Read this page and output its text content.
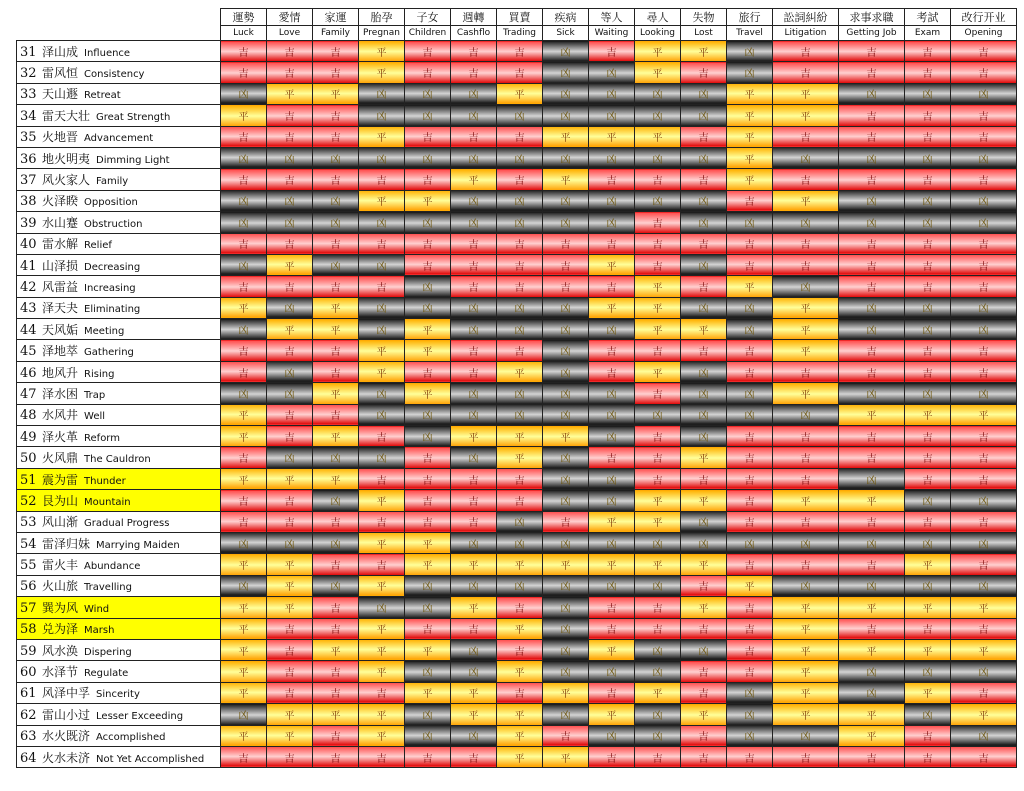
	運勢	愛情	家運	胎孕	子女	週轉	買賣	疾病	等人	尋人	失物	旅行	訟詞糾紛	求事求職	考試	改行开业
	Luck	Love	Family	Pregnan	Children	Cashflo	Trading	Sick	Waiting	Looking	Lost	Travel	Litigation	Getting Job	Exam	Opening
31 泽山成 Influence	吉	吉	吉	平	吉	吉	吉	凶	吉	平	平	凶	吉	吉	吉	吉
32 雷风恒 Consistency	吉	吉	吉	平	吉	吉	吉	凶	凶	平	吉	凶	吉	吉	吉	吉
33 天山遯 Retreat	凶	平	平	凶	凶	凶	平	凶	凶	凶	凶	平	平	凶	凶	凶
34 雷天大壮 Great Strength	平	吉	吉	凶	凶	凶	凶	凶	凶	凶	凶	平	平	吉	吉	吉
35 火地晋 Advancement	吉	吉	吉	平	吉	吉	吉	平	平	平	吉	平	吉	吉	吉	吉
36 地火明夷 Dimming Light	凶	凶	凶	凶	凶	凶	凶	凶	凶	凶	凶	平	凶	凶	凶	凶
37 风火家人 Family	吉	吉	吉	吉	吉	平	吉	平	吉	吉	吉	平	吉	吉	吉	吉
38 火泽睽 Opposition	凶	凶	凶	平	平	凶	凶	凶	凶	凶	凶	吉	平	凶	凶	凶
39 水山蹇 Obstruction	凶	凶	凶	凶	凶	凶	凶	凶	凶	吉	凶	凶	凶	凶	凶	凶
40 雷水解 Relief	吉	吉	吉	吉	吉	吉	吉	吉	吉	吉	吉	吉	吉	吉	吉	吉
41 山泽损 Decreasing	凶	平	凶	凶	吉	吉	吉	吉	平	吉	凶	吉	吉	吉	吉	吉
42 风雷益 Increasing	吉	吉	吉	吉	凶	吉	吉	吉	吉	平	吉	平	凶	吉	吉	吉
43 泽天夬 Eliminating	平	凶	平	凶	凶	凶	凶	凶	平	平	凶	凶	平	凶	凶	凶
44 天风姤 Meeting	凶	平	平	凶	平	凶	凶	凶	凶	平	平	凶	平	凶	凶	凶
45 泽地萃 Gathering	吉	吉	吉	平	平	吉	吉	凶	吉	吉	吉	吉	平	吉	吉	吉
46 地风升 Rising	吉	凶	吉	平	吉	吉	平	凶	吉	平	凶	吉	吉	吉	吉	吉
47 泽水困 Trap	凶	凶	平	凶	平	凶	凶	凶	凶	吉	凶	凶	平	凶	凶	凶
48 水风井 Well	平	吉	吉	凶	凶	凶	凶	凶	凶	凶	凶	凶	凶	平	平	平
49 泽火革 Reform	平	吉	平	吉	凶	平	平	平	凶	吉	凶	吉	吉	吉	吉	吉
50 火风鼎 The Cauldron	吉	凶	凶	凶	吉	凶	平	凶	吉	吉	平	吉	吉	吉	吉	吉
51 震为雷 Thunder	平	平	平	吉	吉	吉	吉	凶	凶	吉	吉	吉	吉	凶	吉	吉
52 艮为山 Mountain	吉	吉	凶	平	吉	吉	吉	凶	凶	平	平	吉	平	平	凶	凶
53 风山渐 Gradual Progress	吉	吉	吉	吉	吉	吉	凶	吉	平	平	凶	吉	吉	吉	吉	吉
54 雷泽归妹 Marrying Maiden	凶	凶	凶	平	平	凶	凶	凶	凶	凶	凶	凶	凶	凶	凶	凶
55 雷火丰 Abundance	平	平	吉	吉	平	平	平	平	平	平	平	吉	吉	吉	平	吉
56 火山旅 Travelling	凶	平	凶	平	凶	凶	凶	凶	凶	凶	吉	平	凶	凶	凶	凶
57 巽为风 Wind	平	平	吉	凶	凶	平	吉	凶	吉	吉	平	吉	平	平	平	平
58 兑为泽 Marsh	平	吉	吉	平	吉	吉	平	凶	吉	吉	吉	吉	平	吉	吉	吉
59 风水涣 Dispering	平	吉	平	平	平	凶	吉	凶	平	凶	凶	吉	平	平	平	平
60 水泽节 Regulate	平	吉	吉	平	凶	凶	平	凶	凶	凶	吉	吉	平	凶	凶	凶
61 风泽中孚 Sincerity	平	吉	吉	吉	平	平	吉	平	吉	平	吉	凶	平	凶	平	吉
62 雷山小过 Lesser Exceeding	凶	平	平	平	凶	平	平	凶	平	凶	平	凶	平	平	凶	平
63 水火既济 Accomplished	平	平	吉	平	凶	凶	平	吉	凶	凶	吉	凶	凶	平	吉	凶
64 火水未济 Not Yet Accomplished	吉	吉	吉	吉	吉	吉	平	平	吉	吉	吉	吉	吉	吉	吉	吉
